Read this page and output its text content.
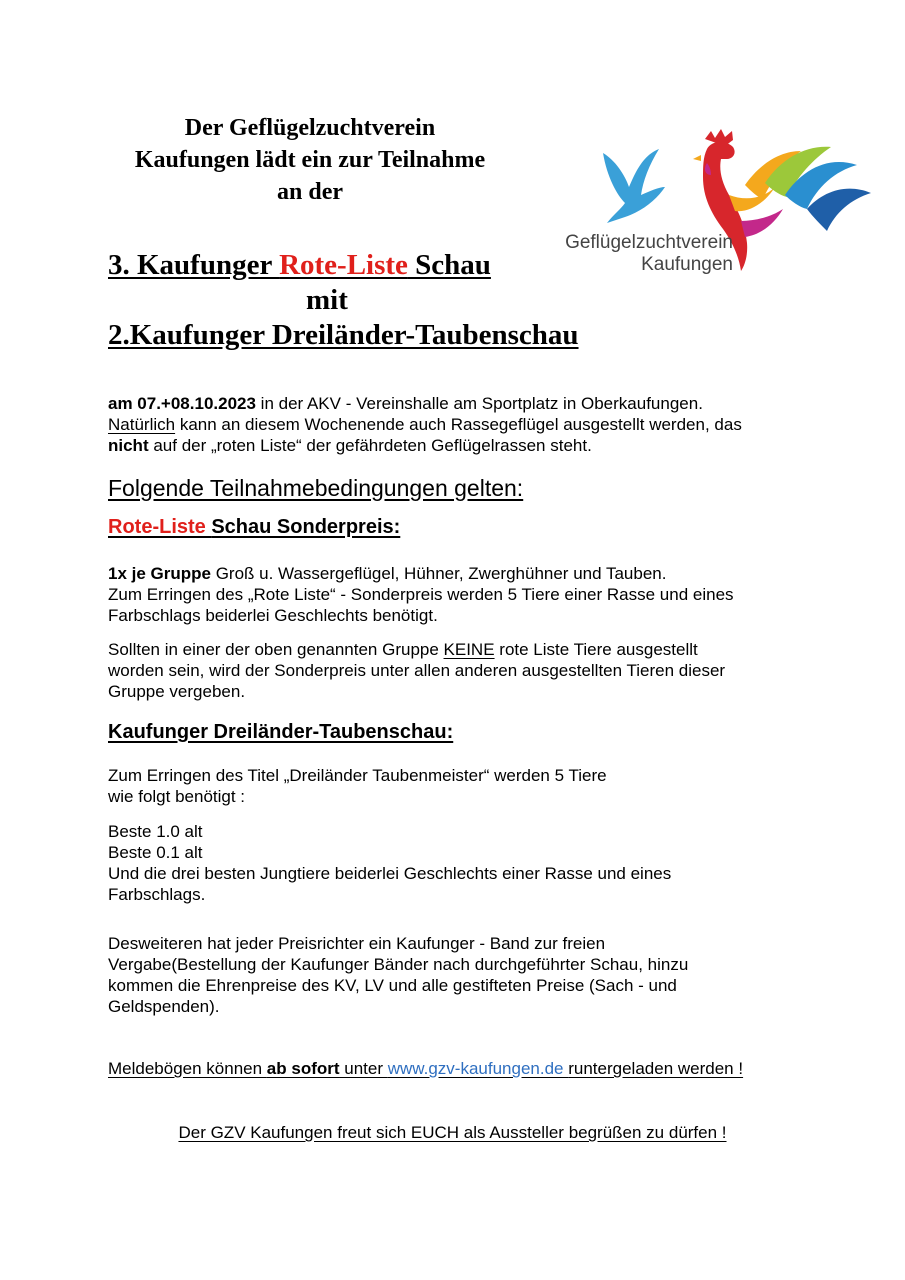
Der Geflügelzuchtverein
Kaufungen lädt ein zur Teilnahme
an der
Geflügelzuchtverein
Kaufungen
3. Kaufunger Rote-Liste Schau
mit
2.Kaufunger Dreiländer-Taubenschau
am 07.+08.10.2023 in der AKV - Vereinshalle am Sportplatz in Oberkaufungen.
Natürlich kann an diesem Wochenende auch Rassegeflügel ausgestellt werden, das
nicht auf der „roten Liste“ der gefährdeten Geflügelrassen steht.
Folgende Teilnahmebedingungen gelten:
Rote-Liste Schau Sonderpreis:
1x je Gruppe Groß u. Wassergeflügel, Hühner, Zwerghühner und Tauben.
Zum Erringen des „Rote Liste“ - Sonderpreis werden 5 Tiere einer Rasse und eines
Farbschlags beiderlei Geschlechts benötigt.
Sollten in einer der oben genannten Gruppe KEINE rote Liste Tiere ausgestellt
worden sein, wird der Sonderpreis unter allen anderen ausgestellten Tieren dieser
Gruppe vergeben.
Kaufunger Dreiländer-Taubenschau:
Zum Erringen des Titel „Dreiländer Taubenmeister“ werden 5 Tiere
wie folgt benötigt :
Beste 1.0 alt
Beste 0.1 alt
Und die drei besten Jungtiere beiderlei Geschlechts einer Rasse und eines
Farbschlags.
Desweiteren hat jeder Preisrichter ein Kaufunger - Band zur freien
Vergabe(Bestellung der Kaufunger Bänder nach durchgeführter Schau, hinzu
kommen die Ehrenpreise des KV, LV und alle gestifteten Preise (Sach - und
Geldspenden).
Meldebögen können ab sofort unter www.gzv-kaufungen.de runtergeladen werden !
Der GZV Kaufungen freut sich EUCH als Aussteller begrüßen zu dürfen !
